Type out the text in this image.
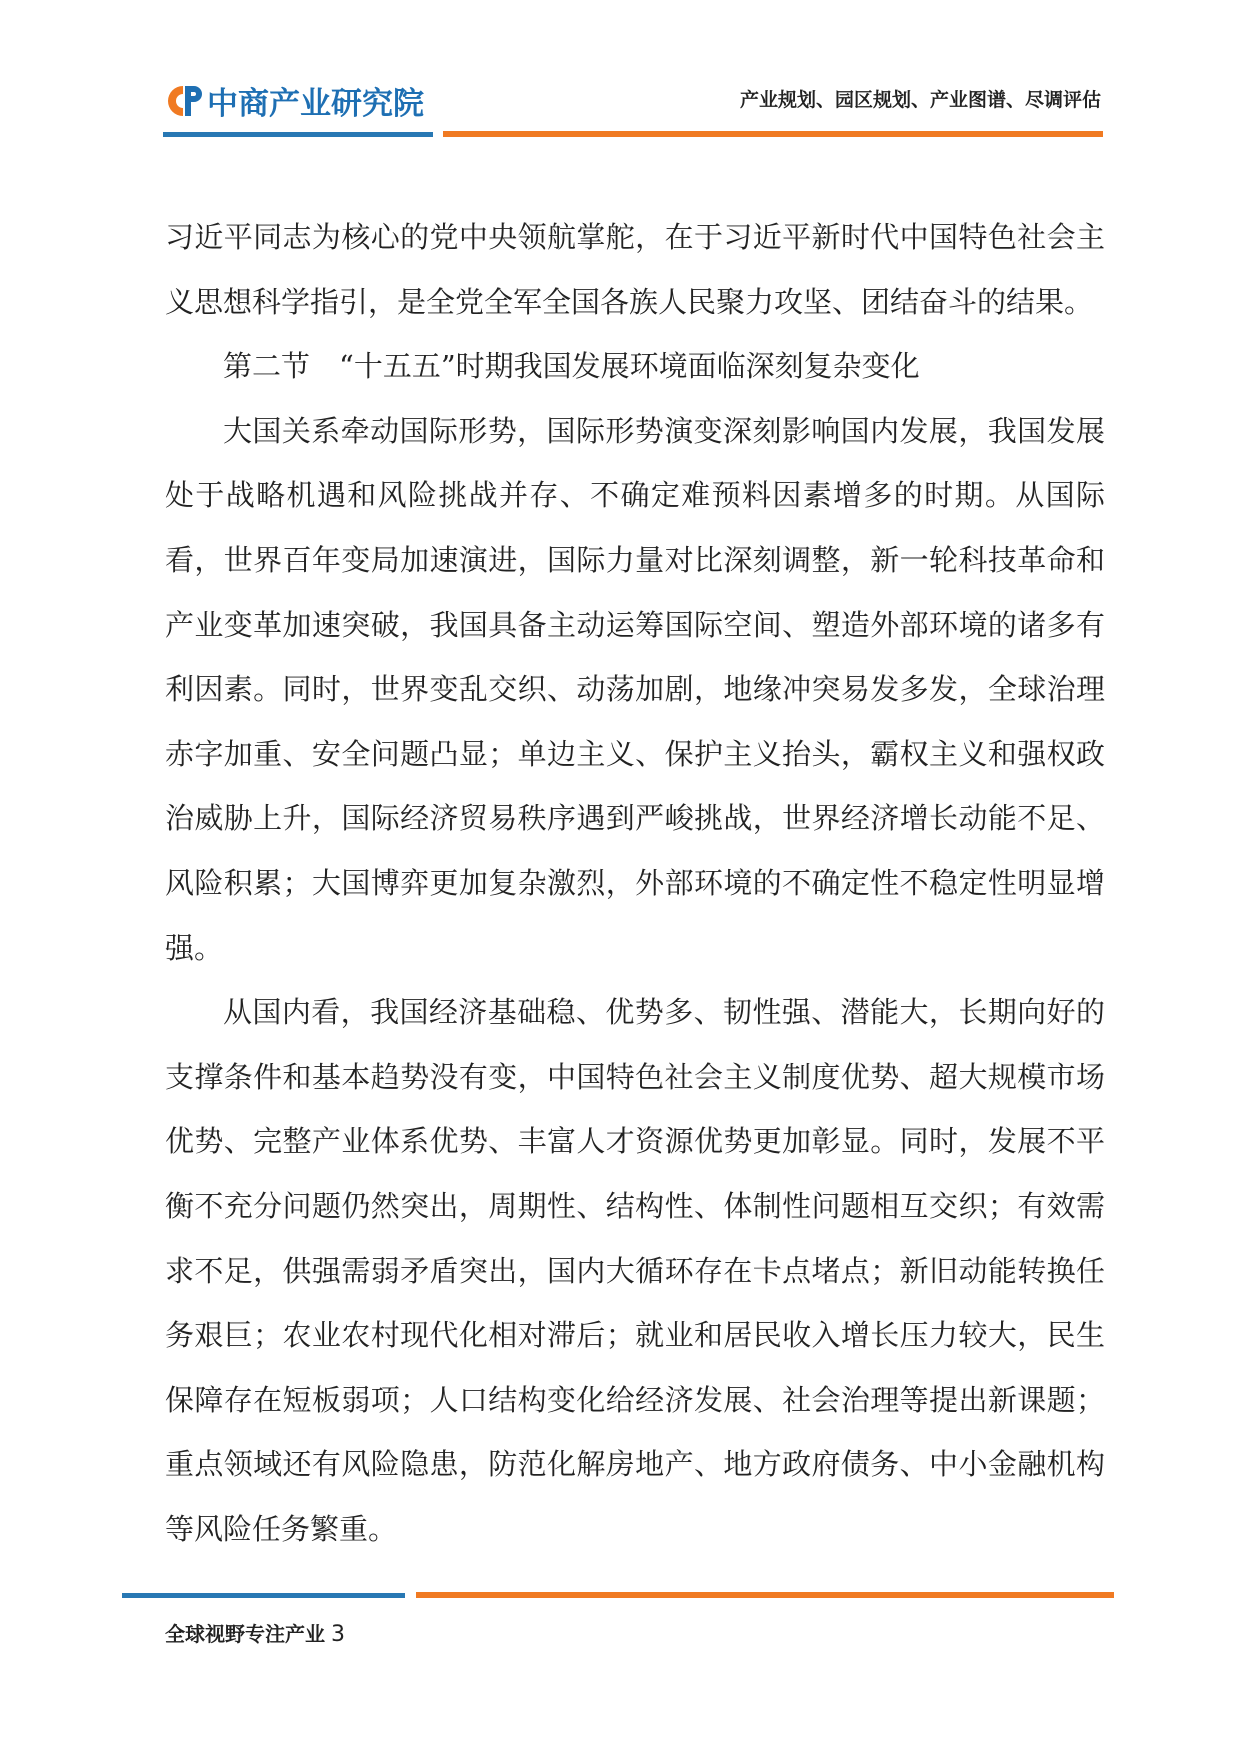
中商产业研究院	产业规划、园区规划、产业图谱、尽调评估

习近平同志为核心的党中央领航掌舵，在于习近平新时代中国特色社会主义思想科学指引，是全党全军全国各族人民聚力攻坚、团结奋斗的结果。

第二节　“十五五”时期我国发展环境面临深刻复杂变化

大国关系牵动国际形势，国际形势演变深刻影响国内发展，我国发展处于战略机遇和风险挑战并存、不确定难预料因素增多的时期。从国际看，世界百年变局加速演进，国际力量对比深刻调整，新一轮科技革命和产业变革加速突破，我国具备主动运筹国际空间、塑造外部环境的诸多有利因素。同时，世界变乱交织、动荡加剧，地缘冲突易发多发，全球治理赤字加重、安全问题凸显；单边主义、保护主义抬头，霸权主义和强权政治威胁上升，国际经济贸易秩序遇到严峻挑战，世界经济增长动能不足、风险积累；大国博弈更加复杂激烈，外部环境的不确定性不稳定性明显增强。

从国内看，我国经济基础稳、优势多、韧性强、潜能大，长期向好的支撑条件和基本趋势没有变，中国特色社会主义制度优势、超大规模市场优势、完整产业体系优势、丰富人才资源优势更加彰显。同时，发展不平衡不充分问题仍然突出，周期性、结构性、体制性问题相互交织；有效需求不足，供强需弱矛盾突出，国内大循环存在卡点堵点；新旧动能转换任务艰巨；农业农村现代化相对滞后；就业和居民收入增长压力较大，民生保障存在短板弱项；人口结构变化给经济发展、社会治理等提出新课题；重点领域还有风险隐患，防范化解房地产、地方政府债务、中小金融机构等风险任务繁重。

全球视野专注产业 3
